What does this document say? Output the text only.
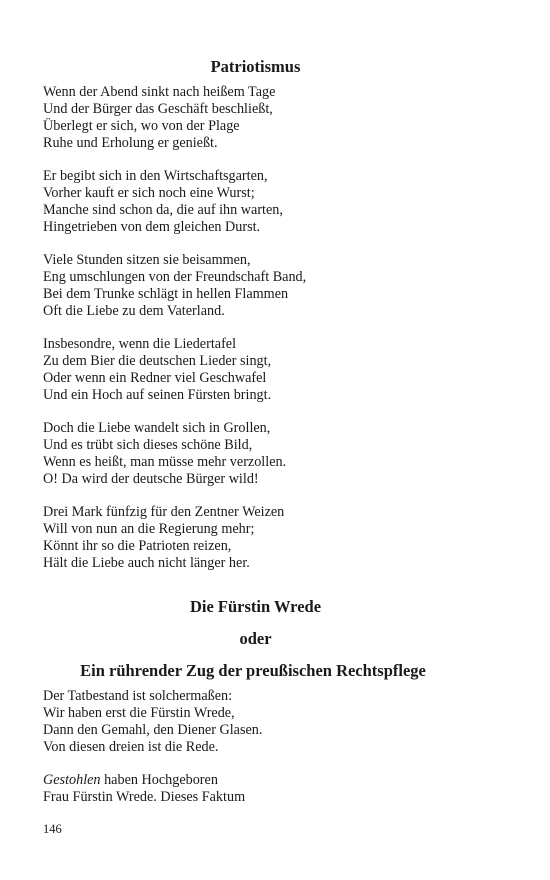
Patriotismus
Wenn der Abend sinkt nach heißem Tage
Und der Bürger das Geschäft beschließt,
Überlegt er sich, wo von der Plage
Ruhe und Erholung er genießt.
Er begibt sich in den Wirtschaftsgarten,
Vorher kauft er sich noch eine Wurst;
Manche sind schon da, die auf ihn warten,
Hingetrieben von dem gleichen Durst.
Viele Stunden sitzen sie beisammen,
Eng umschlungen von der Freundschaft Band,
Bei dem Trunke schlägt in hellen Flammen
Oft die Liebe zu dem Vaterland.
Insbesondre, wenn die Liedertafel
Zu dem Bier die deutschen Lieder singt,
Oder wenn ein Redner viel Geschwafel
Und ein Hoch auf seinen Fürsten bringt.
Doch die Liebe wandelt sich in Grollen,
Und es trübt sich dieses schöne Bild,
Wenn es heißt, man müsse mehr verzollen.
O! Da wird der deutsche Bürger wild!
Drei Mark fünfzig für den Zentner Weizen
Will von nun an die Regierung mehr;
Könnt ihr so die Patrioten reizen,
Hält die Liebe auch nicht länger her.
Die Fürstin Wrede
oder
Ein rührender Zug der preußischen Rechtspflege
Der Tatbestand ist solchermaßen:
Wir haben erst die Fürstin Wrede,
Dann den Gemahl, den Diener Glasen.
Von diesen dreien ist die Rede.
Gestohlen haben Hochgeboren
Frau Fürstin Wrede. Dieses Faktum
146
